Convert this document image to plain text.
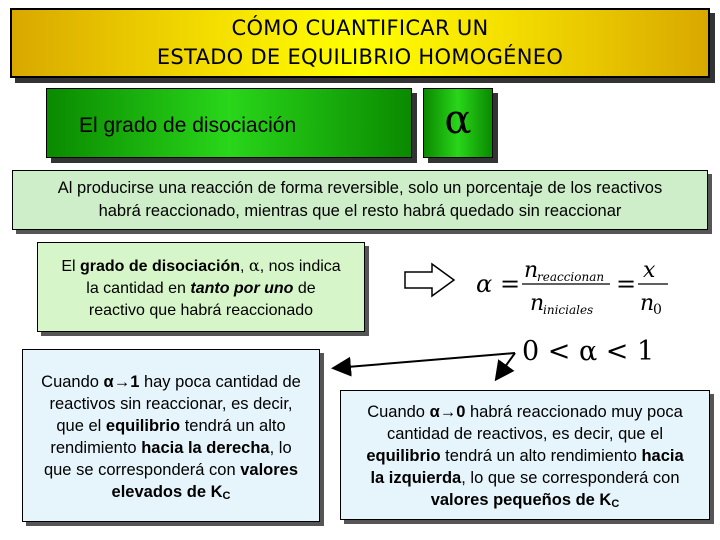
CÓMO CUANTIFICAR UN
ESTADO DE EQUILIBRIO HOMOGÉNEO
El grado de disociación	α
Al producirse una reacción de forma reversible, solo un porcentaje de los reactivos
habrá reaccionado, mientras que el resto habrá quedado sin reaccionar
El grado de disociación, α, nos indica
la cantidad en tanto por uno de
reactivo que habrá reaccionado
α = n
reaccionan
n
iniciales
= x
n
0
0 < α < 1
Cuando α→1 hay poca cantidad de
reactivos sin reaccionar, es decir,
que el equilibrio tendrá un alto
rendimiento hacia la derecha, lo
que se corresponderá con valores
elevados de KC
Cuando α→0 habrá reaccionado muy poca
cantidad de reactivos, es decir, que el
equilibrio tendrá un alto rendimiento hacia
la izquierda, lo que se corresponderá con
valores pequeños de KC
